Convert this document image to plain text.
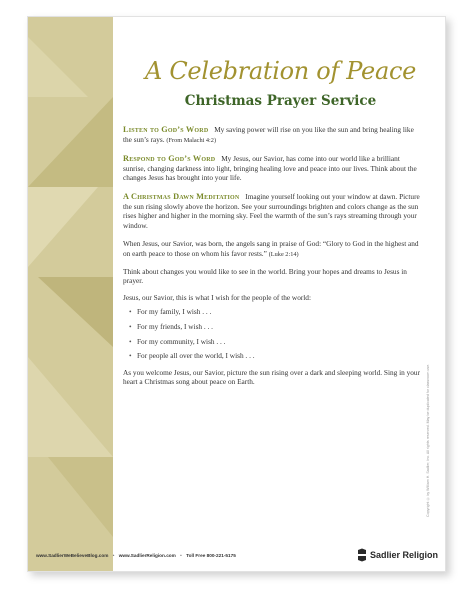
A Celebration of Peace
Christmas Prayer Service

Listen to God’s Word My saving power will rise on you like the sun and bring healing like the sun’s rays. (From Malachi 4:2)

Respond to God’s Word My Jesus, our Savior, has come into our world like a brilliant sunrise, changing darkness into light, bringing healing love and peace into our lives. Think about the changes Jesus has brought into your life.

A Christmas Dawn Meditation Imagine yourself looking out your window at dawn. Picture the sun rising slowly above the horizon. See your surroundings brighten and colors change as the sun rises higher and higher in the morning sky. Feel the warmth of the sun’s rays streaming through your window.

When Jesus, our Savior, was born, the angels sang in praise of God: “Glory to God in the highest and on earth peace to those on whom his favor rests.” (Luke 2:14)

Think about changes you would like to see in the world. Bring your hopes and dreams to Jesus in prayer.

Jesus, our Savior, this is what I wish for the people of the world:

• For my family, I wish . . .
• For my friends, I wish . . .
• For my community, I wish . . .
• For people all over the world, I wish . . .

As you welcome Jesus, our Savior, picture the sun rising over a dark and sleeping world. Sing in your heart a Christmas song about peace on Earth.	Copyright © by William H. Sadlier, Inc. All rights reserved. May be duplicated for classroom use.
www.SadlierWeBelieveBlog.com • www.SadlierReligion.com • Toll Free 800-221-5175	Sadlier Religion
